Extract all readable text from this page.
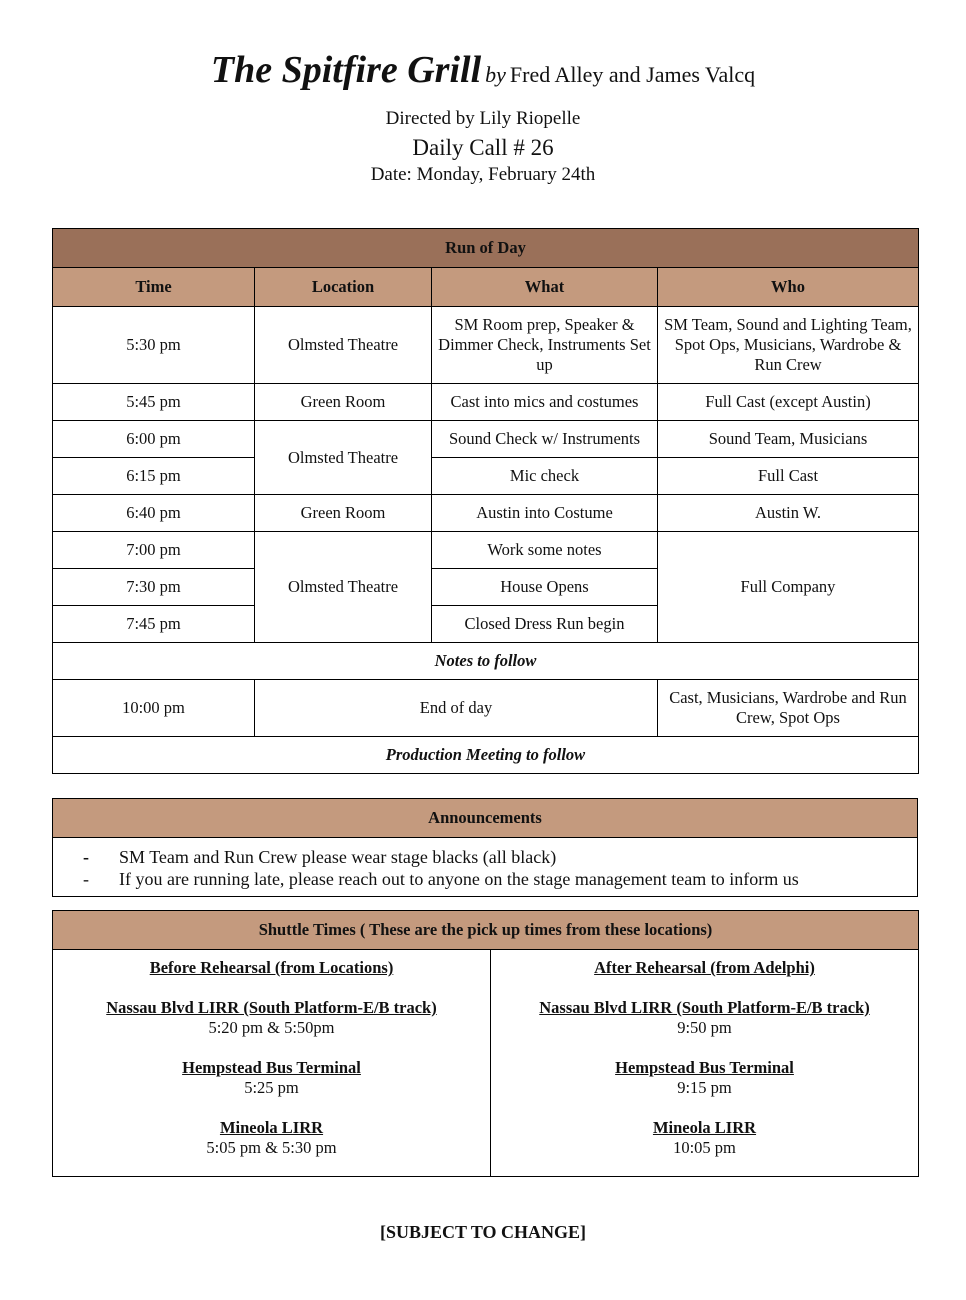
The Spitfire Grill by Fred Alley and James Valcq
Directed by Lily Riopelle
Daily Call # 26
Date: Monday, February 24th
Run of Day			
Time	Location	What	Who
5:30 pm	Olmsted Theatre	SM Room prep, Speaker & Dimmer Check, Instruments Set up	SM Team, Sound and Lighting Team, Spot Ops, Musicians, Wardrobe & Run Crew
5:45 pm	Green Room	Cast into mics and costumes	Full Cast (except Austin)
6:00 pm	Olmsted Theatre	Sound Check w/ Instruments	Sound Team, Musicians
6:15 pm		Mic check	Full Cast
6:40 pm	Green Room	Austin into Costume	Austin W.
7:00 pm	Olmsted Theatre	Work some notes	Full Company
7:30 pm		House Opens	
7:45 pm		Closed Dress Run begin	
Notes to follow			
10:00 pm	End of day		Cast, Musicians, Wardrobe and Run Crew, Spot Ops
Production Meeting to follow			
Announcements

-	SM Team and Run Crew please wear stage blacks (all black)
-	If you are running late, please reach out to anyone on the stage management team to inform us
Shuttle Times ( These are the pick up times from these locations)

Before Rehearsal (from Locations)
Nassau Blvd LIRR (South Platform-E/B track)
5:20 pm & 5:50pm
Hempstead Bus Terminal
5:25 pm
Mineola LIRR
5:05 pm & 5:30 pm

After Rehearsal (from Adelphi)
Nassau Blvd LIRR (South Platform-E/B track)
9:50 pm
Hempstead Bus Terminal
9:15 pm
Mineola LIRR
10:05 pm
[SUBJECT TO CHANGE]
